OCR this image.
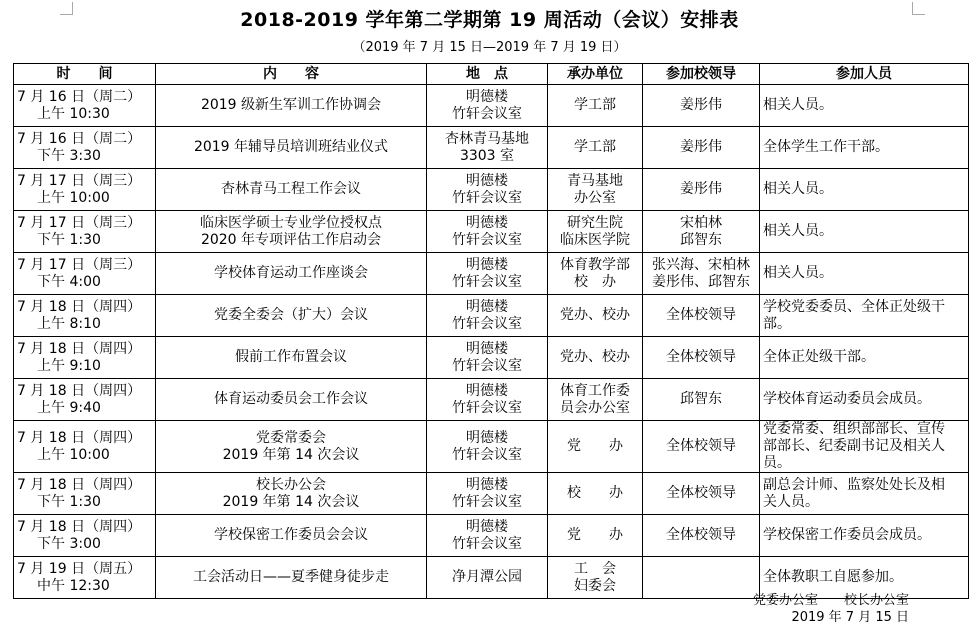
2018-2019 学年第二学期第 19 周活动（会议）安排表
（2019 年 7 月 15 日—2019 年 7 月 19 日）
时　　间	内　　容	地　点	承办单位	参加校领导	参加人员

7 月 16 日（周二）
上午 10:30	2019 级新生军训工作协调会	明德楼
竹轩会议室	学工部	姜彤伟	相关人员。

7 月 16 日（周二）
下午 3:30	2019 年辅导员培训班结业仪式	杏林青马基地
3303 室	学工部	姜彤伟	全体学生工作干部。

7 月 17 日（周三）
上午 10:00	杏林青马工程工作会议	明德楼
竹轩会议室	青马基地
办公室	姜彤伟	相关人员。

7 月 17 日（周三）
下午 1:30	临床医学硕士专业学位授权点
2020 年专项评估工作启动会	明德楼
竹轩会议室	研究生院
临床医学院	宋柏林
邱智东	相关人员。

7 月 17 日（周三）
下午 4:00	学校体育运动工作座谈会	明德楼
竹轩会议室	体育教学部
校　办	张兴海、宋柏林
姜彤伟、邱智东	相关人员。

7 月 18 日（周四）
上午 8:10	党委全委会（扩大）会议	明德楼
竹轩会议室	党办、校办	全体校领导	学校党委委员、全体正处级干
部。

7 月 18 日（周四）
上午 9:10	假前工作布置会议	明德楼
竹轩会议室	党办、校办	全体校领导	全体正处级干部。

7 月 18 日（周四）
上午 9:40	体育运动委员会工作会议	明德楼
竹轩会议室	体育工作委
员会办公室	邱智东	学校体育运动委员会成员。

7 月 18 日（周四）
上午 10:00	党委常委会
2019 年第 14 次会议	明德楼
竹轩会议室	党　　办	全体校领导	党委常委、组织部部长、宣传
部部长、纪委副书记及相关人
员。

7 月 18 日（周四）
下午 1:30	校长办公会
2019 年第 14 次会议	明德楼
竹轩会议室	校　　办	全体校领导	副总会计师、监察处处长及相
关人员。

7 月 18 日（周四）
下午 3:00	学校保密工作委员会会议	明德楼
竹轩会议室	党　　办	全体校领导	学校保密工作委员会成员。

7 月 19 日（周五）
中午 12:30	工会活动日——夏季健身徒步走	净月潭公园	工　会
妇委会		全体教职工自愿参加。
党委办公室　　校长办公室
2019 年 7 月 15 日
